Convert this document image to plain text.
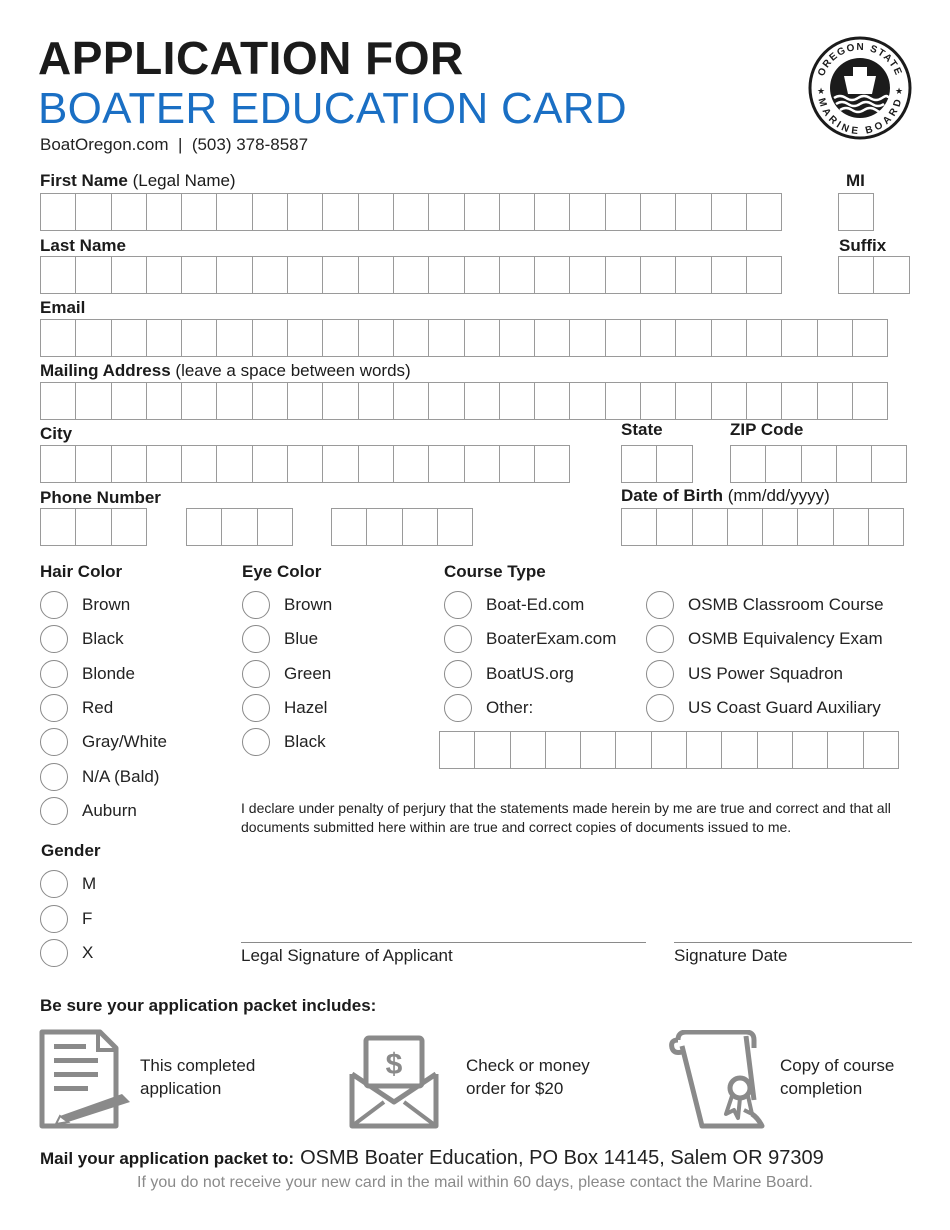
APPLICATION FOR
BOATER EDUCATION CARD
BoatOregon.com  |  (503) 378-8587
OREGON STATE
MARINE BOARD
★	★
First Name (Legal Name)	MI
Last Name	Suffix
Email
Mailing Address (leave a space between words)
City	State	ZIP Code
Phone Number	Date of Birth (mm/dd/yyyy)
Hair Color
Brown
Black
Blonde
Red
Gray/White
N/A (Bald)
Auburn
Eye Color
Brown
Blue
Green
Hazel
Black
Course Type
Boat-Ed.com
BoaterExam.com
BoatUS.org
Other:
OSMB Classroom Course
OSMB Equivalency Exam
US Power Squadron
US Coast Guard Auxiliary
Gender
M
F
X
I declare under penalty of perjury that the statements made herein by me are true and correct and that all documents submitted here within are true and correct copies of documents issued to me.
Legal Signature of Applicant	Signature Date
Be sure your application packet includes:
This completed
application
$	Check or money
order for $20
Copy of course
completion
Mail your application packet to: OSMB Boater Education, PO Box 14145, Salem OR 97309
If you do not receive your new card in the mail within 60 days, please contact the Marine Board.
